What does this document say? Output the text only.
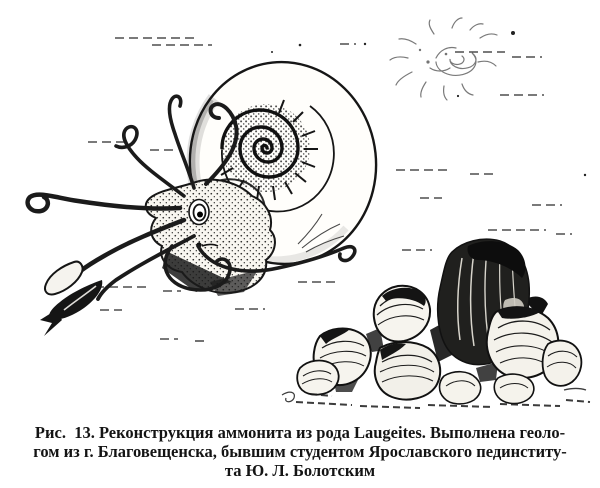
Рис.  13. Реконструкция аммонита из рода Laugeites. Выполнена геоло-
гом из г. Благовещенска, бывшим студентом Ярославского пединститу-
та Ю. Л. Болотским
